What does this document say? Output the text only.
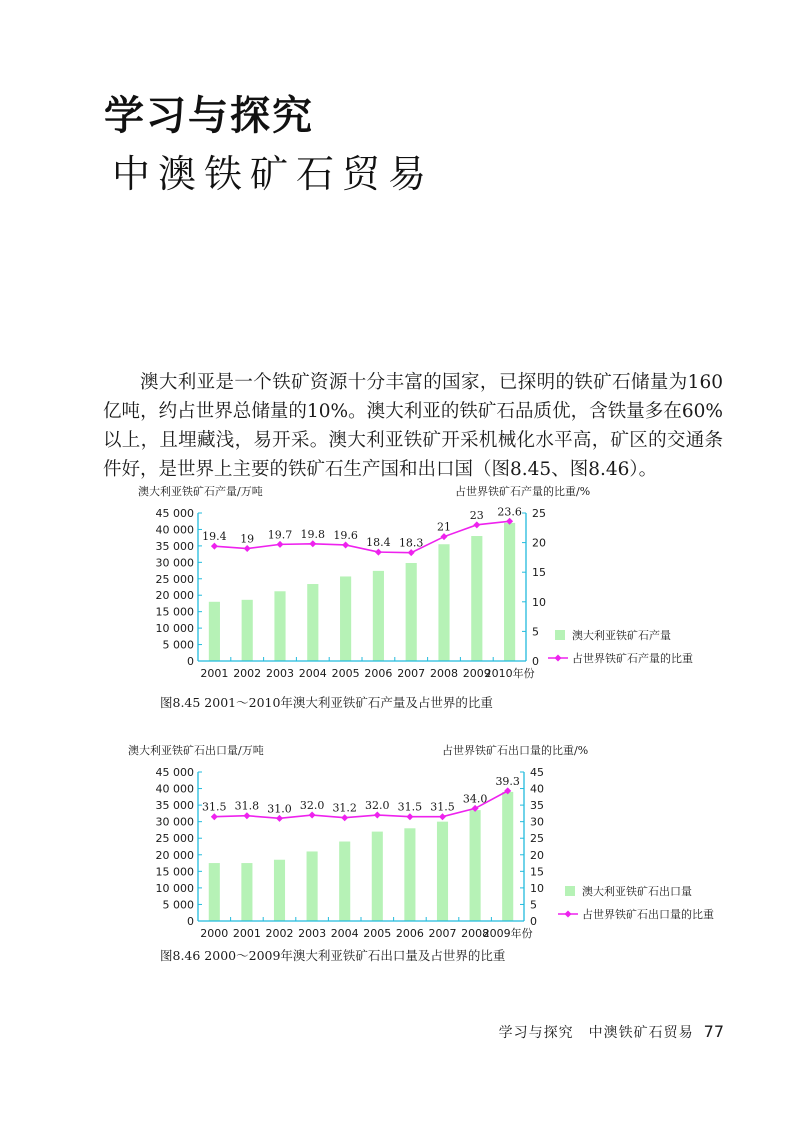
学习与探究
中澳铁矿石贸易

澳大利亚是一个铁矿资源十分丰富的国家，已探明的铁矿石储量为160亿吨，约占世界总储量的10%。澳大利亚的铁矿石品质优，含铁量多在60%以上，且埋藏浅，易开采。澳大利亚铁矿开采机械化水平高，矿区的交通条件好，是世界上主要的铁矿石生产国和出口国（图8.45、图8.46）。

澳大利亚铁矿石产量/万吨	占世界铁矿石产量的比重/%
0
5 000
10 000
15 000
20 000
25 000
30 000
35 000
40 000
45 000
0
5
10
15
20
25
2001 2002 2003 2004 2005 2006 2007 2008 2009
2010年份
19.4 19 19.7 19.8 19.6
18.4 18.3
21
23 23.6
澳大利亚铁矿石产量
占世界铁矿石产量的比重
图8.45 2001～2010年澳大利亚铁矿石产量及占世界的比重
澳大利亚铁矿石出口量/万吨	占世界铁矿石出口量的比重/%
0
5 000
10 000
15 000
20 000
25 000
30 000
35 000
40 000
45 000
0
5
10
15
20
25
30
35
40
45
2000 2001 2002 2003 2004 2005 2006 2007 2008
2009年份
31.5 31.8 31.0 32.0 31.2 32.0 31.5 31.5
34.0
39.3
澳大利亚铁矿石出口量
占世界铁矿石出口量的比重
图8.46 2000～2009年澳大利亚铁矿石出口量及占世界的比重
学习与探究　中澳铁矿石贸易 77
